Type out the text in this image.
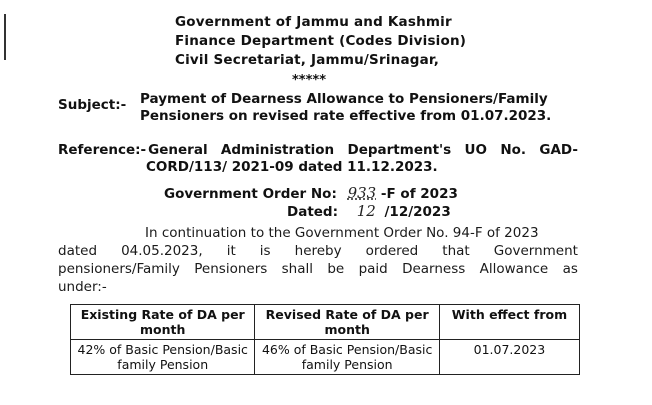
Government of Jammu and Kashmir
Finance Department (Codes Division)
Civil Secretariat, Jammu/Srinagar,
*****
Subject:- Payment of Dearness Allowance to Pensioners/Family
Pensioners on revised rate effective from 01.07.2023.
Reference:- General Administration Department's UO No. GAD-
CORD/113/ 2021-09 dated 11.12.2023.
Government Order No: 933 -F of 2023
Dated: 12 /12/2023
In continuation to the Government Order No. 94-F of 2023
dated 04.05.2023, it is hereby ordered that Government
pensioners/Family Pensioners shall be paid Dearness Allowance as
under:-
Existing Rate of DA per month	Revised Rate of DA per month	With effect from
42% of Basic Pension/Basic family Pension	46% of Basic Pension/Basic family Pension	01.07.2023
